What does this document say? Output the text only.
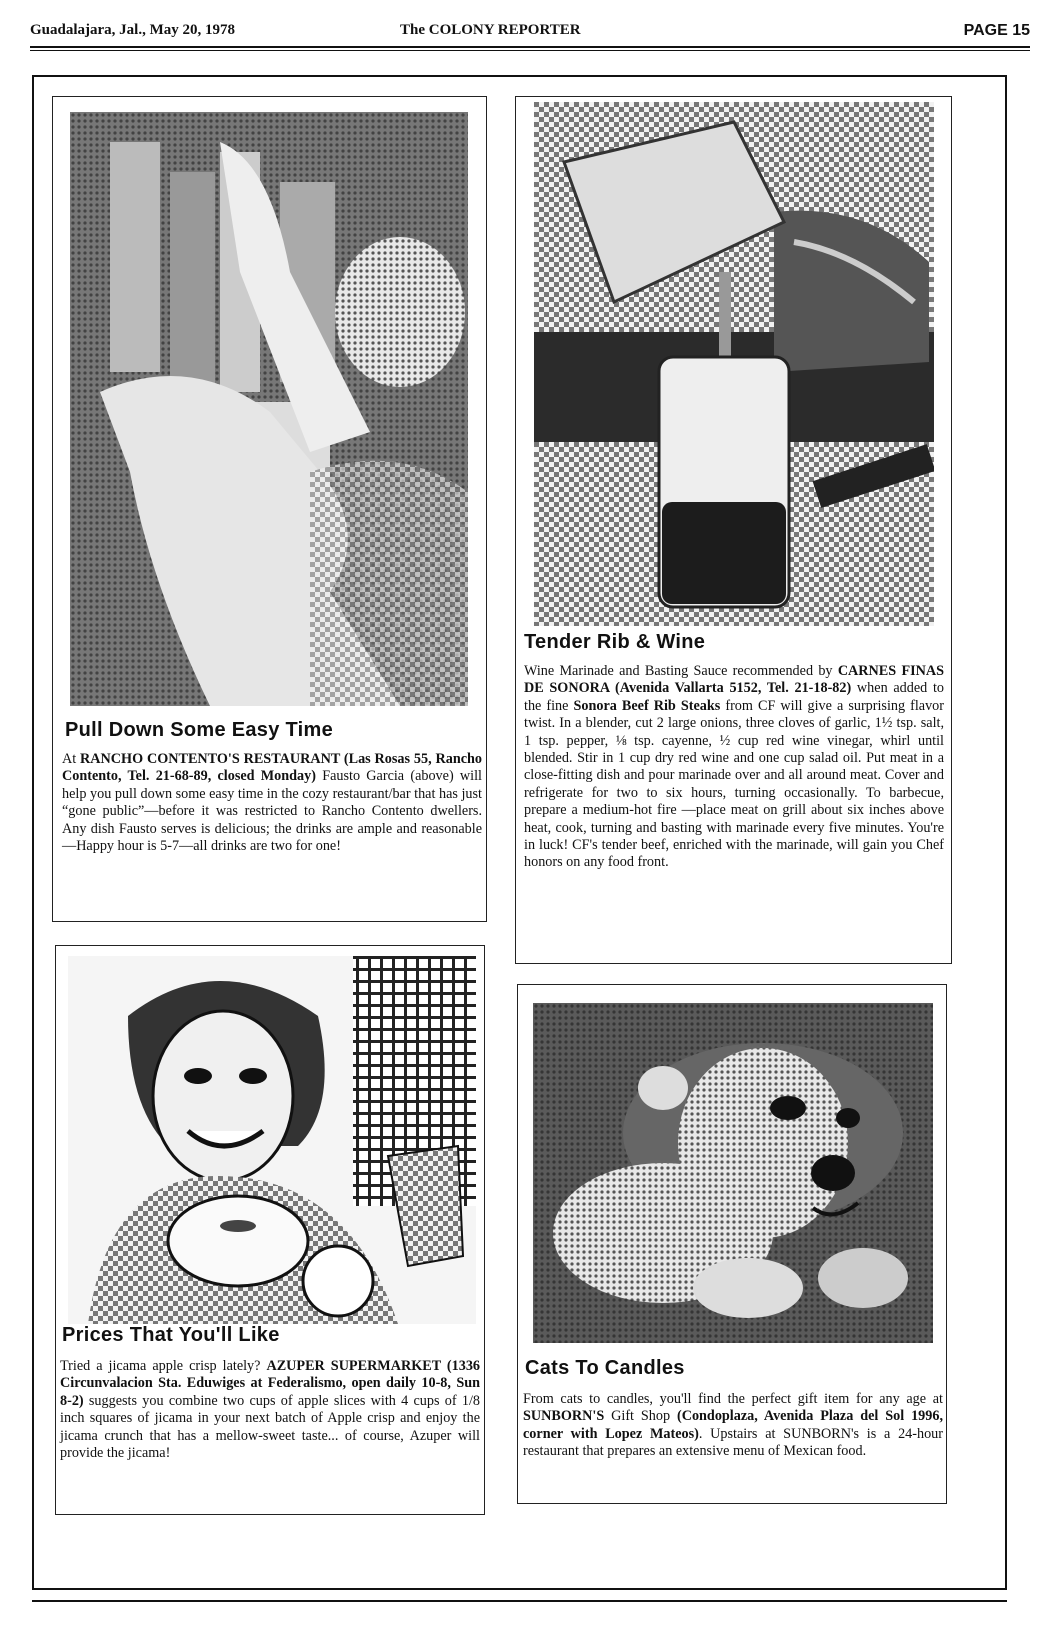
Guadalajara, Jal., May 20, 1978	The COLONY REPORTER	PAGE 15
Pull Down Some Easy Time

At RANCHO CONTENTO'S RESTAURANT (Las Rosas 55, Rancho Contento, Tel. 21-68-89, closed Monday) Fausto Garcia (above) will help you pull down some easy time in the cozy restaurant/bar that has just “gone public”—before it was restricted to Rancho Contento dwellers. Any dish Fausto serves is delicious; the drinks are ample and reasonable—Happy hour is 5-7—all drinks are two for one!

Tender Rib & Wine

Wine Marinade and Basting Sauce recommended by CARNES FINAS DE SONORA (Avenida Vallarta 5152, Tel. 21-18-82) when added to the fine Sonora Beef Rib Steaks from CF will give a surprising flavor twist. In a blender, cut 2 large onions, three cloves of garlic, 1½ tsp. salt, 1 tsp. pepper, ⅛ tsp. cayenne, ½ cup red wine vinegar, whirl until blended. Stir in 1 cup dry red wine and one cup salad oil. Put meat in a close-fitting dish and pour marinade over and all around meat. Cover and refrigerate for two to six hours, turning occasionally. To barbecue, prepare a medium-hot fire —place meat on grill about six inches above heat, cook, turning and basting with marinade every five minutes. You're in luck! CF's tender beef, enriched with the marinade, will gain you Chef honors on any food front.

Prices That You'll Like

Tried a jicama apple crisp lately? AZUPER SUPERMARKET (1336 Circunvalacion Sta. Eduwiges at Federalismo, open daily 10-8, Sun 8-2) suggests you combine two cups of apple slices with 4 cups of 1/8 inch squares of jicama in your next batch of Apple crisp and enjoy the jicama crunch that has a mellow-sweet taste... of course, Azuper will provide the jicama!

Cats To Candles

From cats to candles, you'll find the perfect gift item for any age at SUNBORN'S Gift Shop (Condoplaza, Avenida Plaza del Sol 1996, corner with Lopez Mateos). Upstairs at SUNBORN's is a 24-hour restaurant that prepares an extensive menu of Mexican food.
